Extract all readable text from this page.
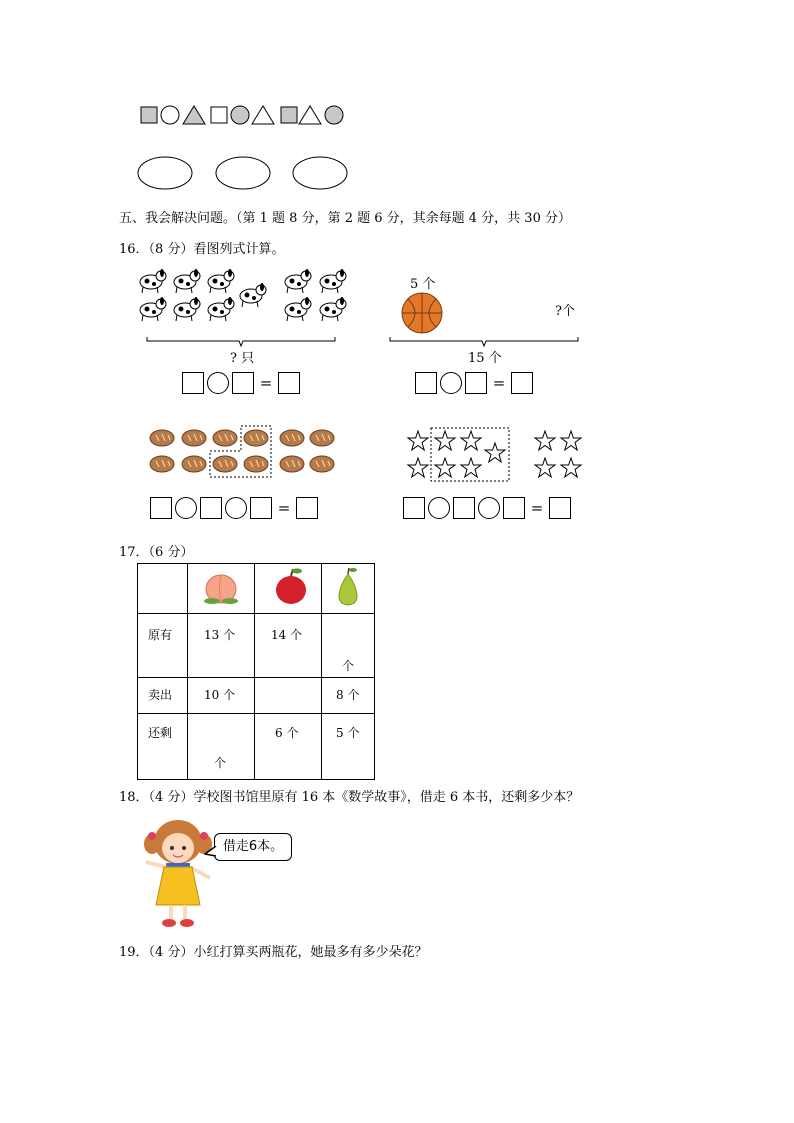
五、我会解决问题。（第 1 题 8 分，第 2 题 6 分，其余每题 4 分，共 30 分）
16．（8 分）看图列式计算。
? 只
=
5 个
?个
15 个
=
=	=
17．（6 分）

原有	13 个	14 个	个

卖出	10 个		8 个

还剩	个	6 个	5 个
18．（4 分）学校图书馆里原有 16 本《数学故事》，借走 6 本书，还剩多少本？
借走6本。
19．（4 分）小红打算买两瓶花，她最多有多少朵花？
